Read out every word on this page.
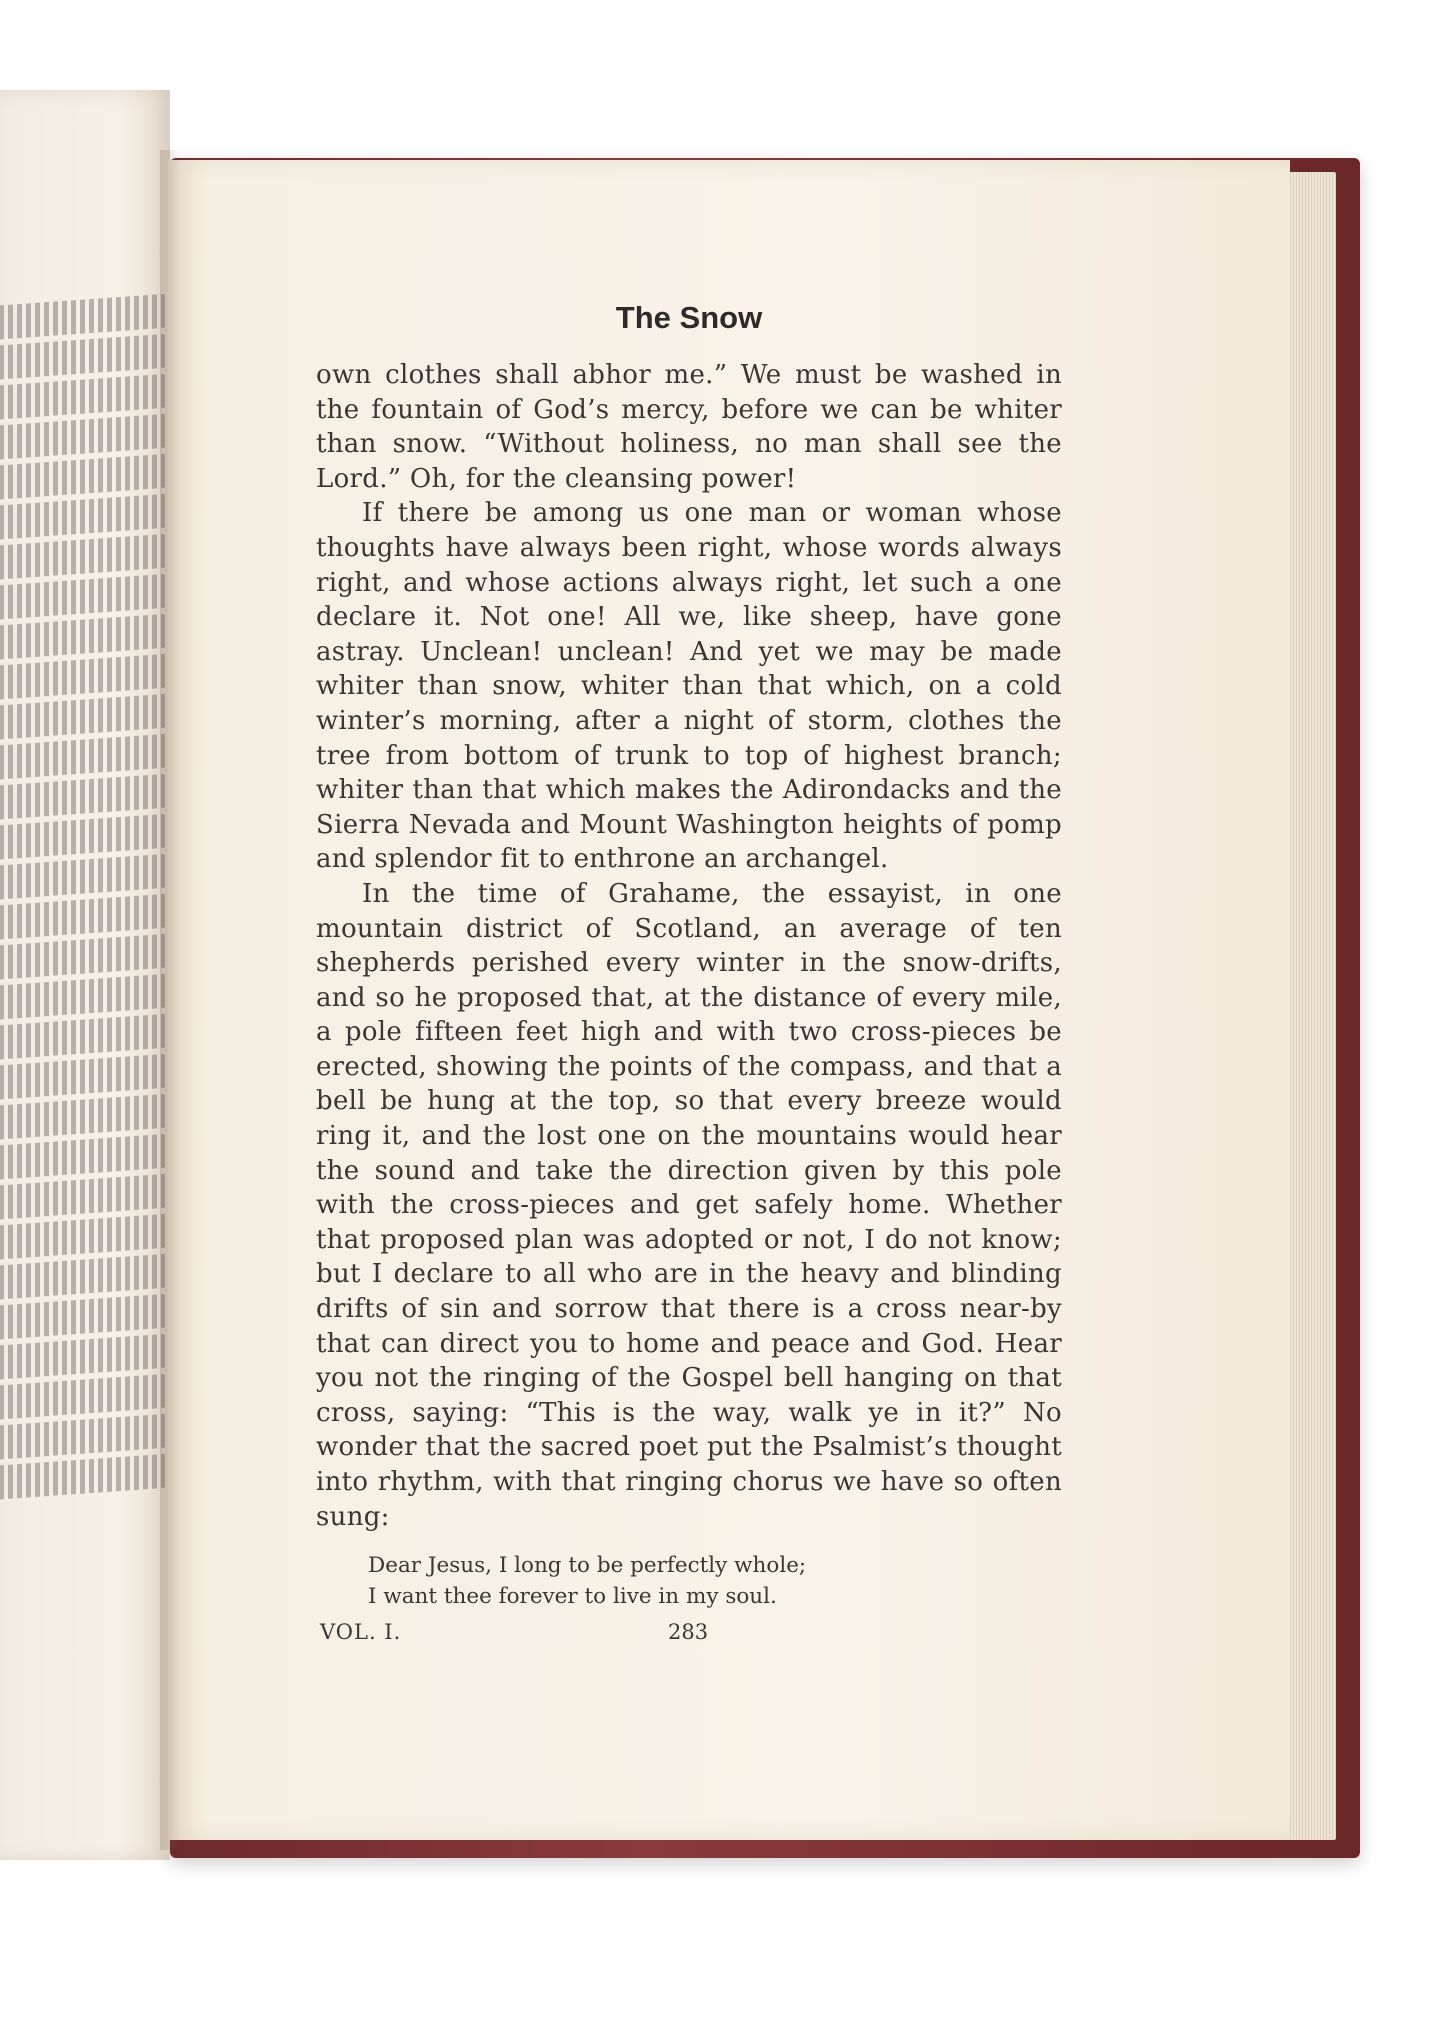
The Snow

own clothes shall abhor me.” We must be washed in the fountain of God’s mercy, before we can be whiter than snow. “Without holiness, no man shall see the Lord.” Oh, for the cleansing power!

If there be among us one man or woman whose thoughts have always been right, whose words always right, and whose actions always right, let such a one declare it. Not one! All we, like sheep, have gone astray. Unclean! unclean! And yet we may be made whiter than snow, whiter than that which, on a cold winter’s morning, after a night of storm, clothes the tree from bottom of trunk to top of highest branch; whiter than that which makes the Adirondacks and the Sierra Nevada and Mount Washington heights of pomp and splendor fit to enthrone an archangel.

In the time of Grahame, the essayist, in one mountain district of Scotland, an average of ten shepherds perished every winter in the snow-drifts, and so he proposed that, at the distance of every mile, a pole fifteen feet high and with two cross-pieces be erected, showing the points of the compass, and that a bell be hung at the top, so that every breeze would ring it, and the lost one on the mountains would hear the sound and take the direction given by this pole with the cross-pieces and get safely home. Whether that proposed plan was adopted or not, I do not know; but I declare to all who are in the heavy and blinding drifts of sin and sorrow that there is a cross near-by that can direct you to home and peace and God. Hear you not the ringing of the Gospel bell hanging on that cross, saying: “This is the way, walk ye in it?” No wonder that the sacred poet put the Psalmist’s thought into rhythm, with that ringing chorus we have so often sung:

Dear Jesus, I long to be perfectly whole;
I want thee forever to live in my soul.
VOL. I.	283
